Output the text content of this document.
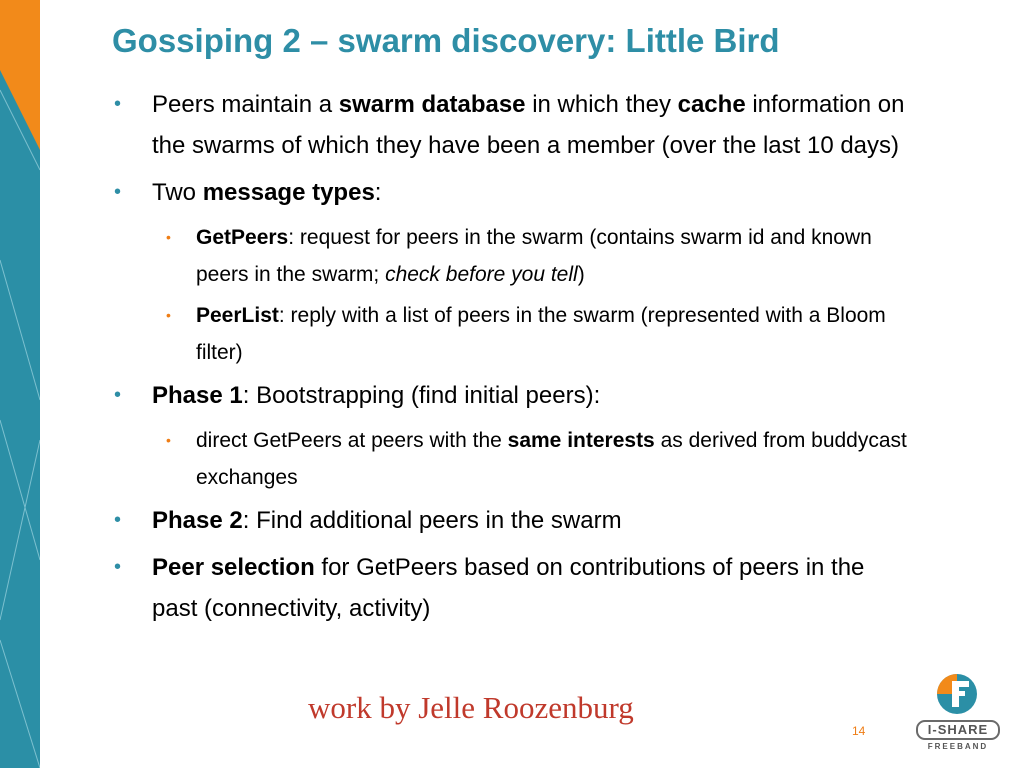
Gossiping 2 – swarm discovery: Little Bird
• Peers maintain a swarm database in which they cache information on the swarms of which they have been a member (over the last 10 days)
• Two message types:
• GetPeers: request for peers in the swarm (contains swarm id and known peers in the swarm; check before you tell)
• PeerList: reply with a list of peers in the swarm (represented with a Bloom filter)
• Phase 1: Bootstrapping (find initial peers):
• direct GetPeers at peers with the same interests as derived from buddycast exchanges
• Phase 2: Find additional peers in the swarm
• Peer selection for GetPeers based on contributions of peers in the past (connectivity, activity)
work by Jelle Roozenburg
14	I-SHARE
FREEBAND
